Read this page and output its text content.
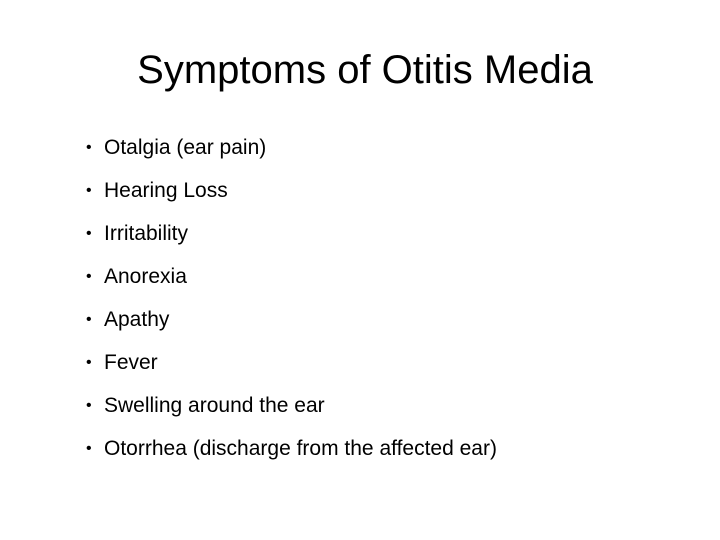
Symptoms of Otitis Media
• Otalgia (ear pain)
• Hearing Loss
• Irritability
• Anorexia
• Apathy
• Fever
• Swelling around the ear
• Otorrhea (discharge from the affected ear)
